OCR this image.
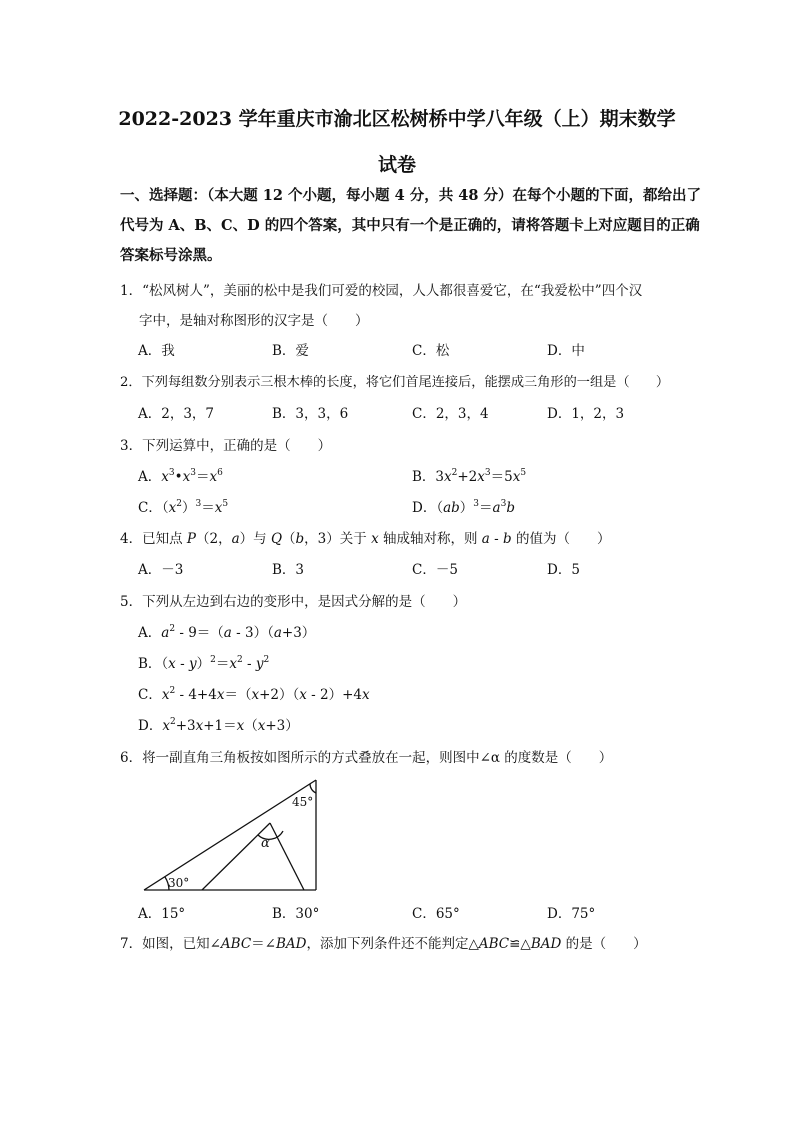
2022-2023 学年重庆市渝北区松树桥中学八年级（上）期末数学
试卷
一、选择题：（本大题 12 个小题，每小题 4 分，共 48 分）在每个小题的下面，都给出了
代号为 A、B、C、D 的四个答案，其中只有一个是正确的，请将答题卡上对应题目的正确
答案标号涂黑。
1．“松风树人”，美丽的松中是我们可爱的校园，人人都很喜爱它，在“我爱松中”四个汉
字中，是轴对称图形的汉字是（　　）
A．我	B．爱	C．松	D．中
2．下列每组数分别表示三根木棒的长度，将它们首尾连接后，能摆成三角形的一组是（　　）
A．2，3，7	B．3，3，6	C．2，3，4	D．1，2，3
3．下列运算中，正确的是（　　）
A．$x^3•x^3=x^6$	B．$3x^2+2x^3=5x^5$
C．$(x^2)^3=x^5$	D．$(ab)^3=a^3b$
4．已知点 P（2，a）与 Q（b，3）关于 x 轴成轴对称，则 a - b 的值为（　　）
A．－3	B．3	C．－5	D．5
5．下列从左边到右边的变形中，是因式分解的是（　　）
A．$a^2 - 9=(a - 3)(a+3)$
B．$(x - y)^2=x^2 - y^2$
C．$x^2 - 4+4x=(x+2)(x - 2)+4x$
D．$x^2+3x+1=x(x+3)$
6．将一副直角三角板按如图所示的方式叠放在一起，则图中∠α 的度数是（　　）
45°
30°
α
A．15°	B．30°	C．65°	D．75°
7．如图，已知∠ABC＝∠BAD，添加下列条件还不能判定△ABC≌△BAD 的是（　　）
